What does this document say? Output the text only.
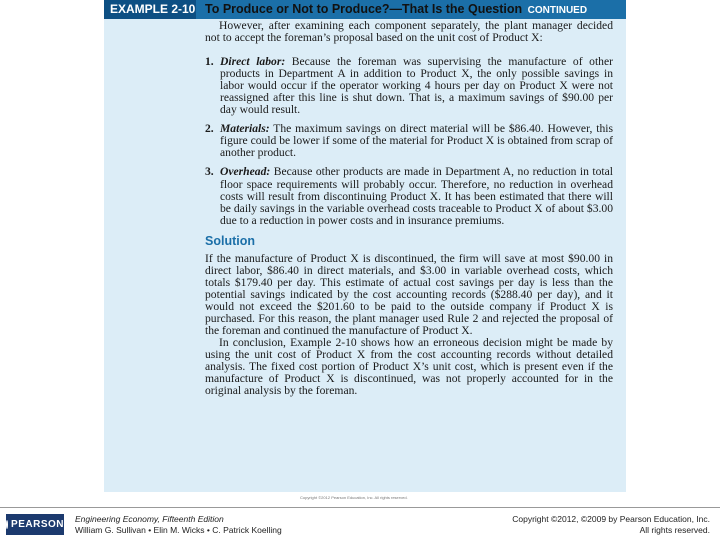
EXAMPLE 2-10 To Produce or Not to Produce?—That Is the Question CONTINUED

However, after examining each component separately, the plant manager decided not to accept the foreman’s proposal based on the unit cost of Product X:

1. Direct labor: Because the foreman was supervising the manufacture of other products in Department A in addition to Product X, the only possible savings in labor would occur if the operator working 4 hours per day on Product X were not reassigned after this line is shut down. That is, a maximum savings of $90.00 per day would result.
2. Materials: The maximum savings on direct material will be $86.40. However, this figure could be lower if some of the material for Product X is obtained from scrap of another product.
3. Overhead: Because other products are made in Department A, no reduction in total floor space requirements will probably occur. Therefore, no reduction in overhead costs will result from discontinuing Product X. It has been estimated that there will be daily savings in the variable overhead costs traceable to Product X of about $3.00 due to a reduction in power costs and in insurance premiums.
Solution

If the manufacture of Product X is discontinued, the firm will save at most $90.00 in direct labor, $86.40 in direct materials, and $3.00 in variable overhead costs, which totals $179.40 per day. This estimate of actual cost savings per day is less than the potential savings indicated by the cost accounting records ($288.40 per day), and it would not exceed the $201.60 to be paid to the outside company if Product X is purchased. For this reason, the plant manager used Rule 2 and rejected the proposal of the foreman and continued the manufacture of Product X.

In conclusion, Example 2-10 shows how an erroneous decision might be made by using the unit cost of Product X from the cost accounting records without detailed analysis. The fixed cost portion of Product X’s unit cost, which is present even if the manufacture of Product X is discontinued, was not properly accounted for in the original analysis by the foreman.

Copyright ©2012 Pearson Education, Inc. All rights reserved.
PEARSON Engineering Economy, Fifteenth Edition
William G. Sullivan • Elin M. Wicks • C. Patrick Koelling
Copyright ©2012, ©2009 by Pearson Education, Inc.
All rights reserved.
